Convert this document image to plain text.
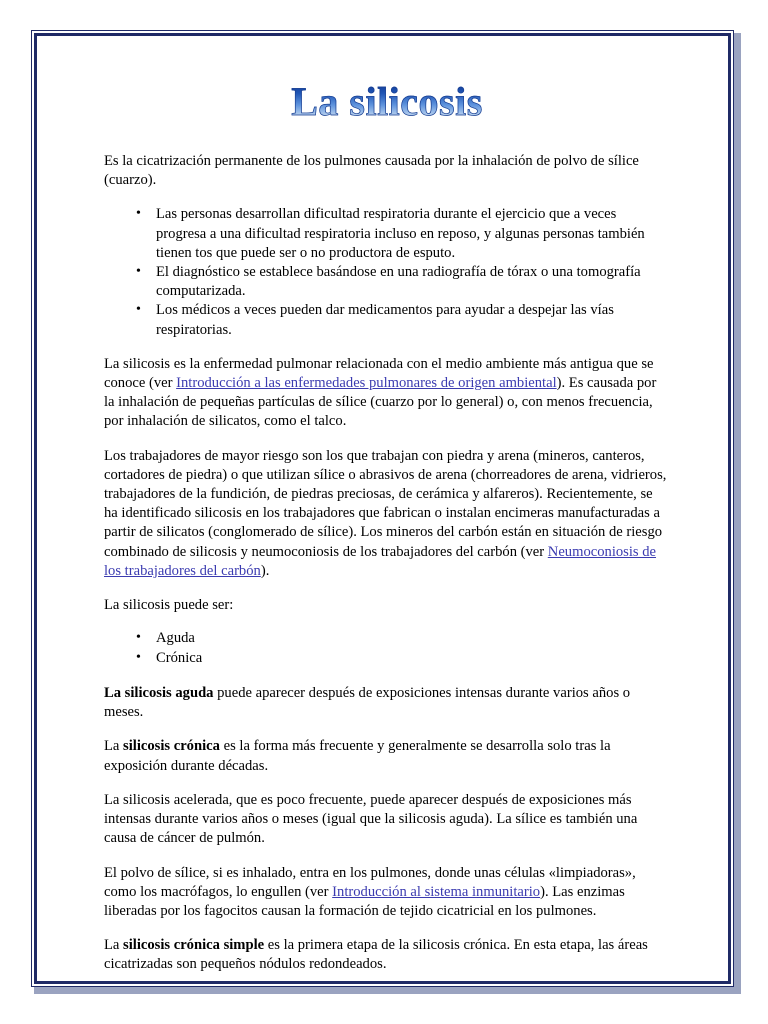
La silicosis

Es la cicatrización permanente de los pulmones causada por la inhalación de polvo de sílice (cuarzo).

• Las personas desarrollan dificultad respiratoria durante el ejercicio que a veces progresa a una dificultad respiratoria incluso en reposo, y algunas personas también tienen tos que puede ser o no productora de esputo.
• El diagnóstico se establece basándose en una radiografía de tórax o una tomografía computarizada.
• Los médicos a veces pueden dar medicamentos para ayudar a despejar las vías respiratorias.

La silicosis es la enfermedad pulmonar relacionada con el medio ambiente más antigua que se conoce (ver Introducción a las enfermedades pulmonares de origen ambiental). Es causada por la inhalación de pequeñas partículas de sílice (cuarzo por lo general) o, con menos frecuencia, por inhalación de silicatos, como el talco.

Los trabajadores de mayor riesgo son los que trabajan con piedra y arena (mineros, canteros, cortadores de piedra) o que utilizan sílice o abrasivos de arena (chorreadores de arena, vidrieros, trabajadores de la fundición, de piedras preciosas, de cerámica y alfareros). Recientemente, se ha identificado silicosis en los trabajadores que fabrican o instalan encimeras manufacturadas a partir de silicatos (conglomerado de sílice). Los mineros del carbón están en situación de riesgo combinado de silicosis y neumoconiosis de los trabajadores del carbón (ver Neumoconiosis de los trabajadores del carbón).

La silicosis puede ser:

• Aguda
• Crónica

La silicosis aguda puede aparecer después de exposiciones intensas durante varios años o meses.

La silicosis crónica es la forma más frecuente y generalmente se desarrolla solo tras la exposición durante décadas.

La silicosis acelerada, que es poco frecuente, puede aparecer después de exposiciones más intensas durante varios años o meses (igual que la silicosis aguda). La sílice es también una causa de cáncer de pulmón.

El polvo de sílice, si es inhalado, entra en los pulmones, donde unas células «limpiadoras», como los macrófagos, lo engullen (ver Introducción al sistema inmunitario). Las enzimas liberadas por los fagocitos causan la formación de tejido cicatricial en los pulmones.

La silicosis crónica simple es la primera etapa de la silicosis crónica. En esta etapa, las áreas cicatrizadas son pequeños nódulos redondeados.
